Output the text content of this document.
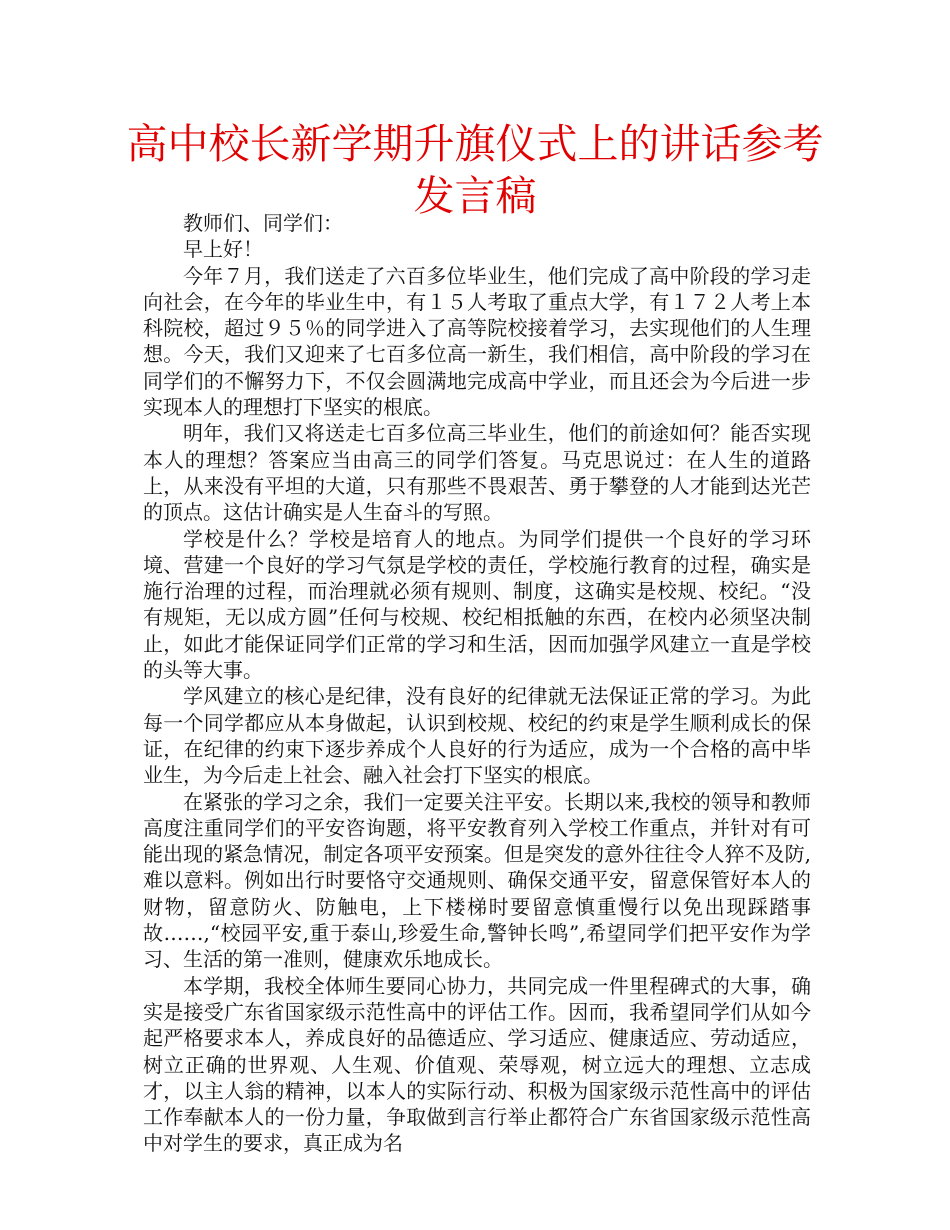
高中校长新学期升旗仪式上的讲话参考发言稿

教师们、同学们：

早上好！

今年７月，我们送走了六百多位毕业生，他们完成了高中阶段的学习走向社会，在今年的毕业生中，有１５人考取了重点大学，有１７２人考上本科院校，超过９５％的同学进入了高等院校接着学习，去实现他们的人生理想。今天，我们又迎来了七百多位高一新生，我们相信，高中阶段的学习在同学们的不懈努力下，不仅会圆满地完成高中学业，而且还会为今后进一步实现本人的理想打下坚实的根底。

明年，我们又将送走七百多位高三毕业生，他们的前途如何？能否实现本人的理想？答案应当由高三的同学们答复。马克思说过：在人生的道路上，从来没有平坦的大道，只有那些不畏艰苦、勇于攀登的人才能到达光芒的顶点。这估计确实是人生奋斗的写照。

学校是什么？学校是培育人的地点。为同学们提供一个良好的学习环境、营建一个良好的学习气氛是学校的责任，学校施行教育的过程，确实是施行治理的过程，而治理就必须有规则、制度，这确实是校规、校纪。“没有规矩，无以成方圆”任何与校规、校纪相抵触的东西，在校内必须坚决制止，如此才能保证同学们正常的学习和生活，因而加强学风建立一直是学校的头等大事。

学风建立的核心是纪律，没有良好的纪律就无法保证正常的学习。为此每一个同学都应从本身做起，认识到校规、校纪的约束是学生顺利成长的保证，在纪律的约束下逐步养成个人良好的行为适应，成为一个合格的高中毕业生，为今后走上社会、融入社会打下坚实的根底。

在紧张的学习之余，我们一定要关注平安。长期以来,我校的领导和教师高度注重同学们的平安咨询题，将平安教育列入学校工作重点，并针对有可能出现的紧急情况，制定各项平安预案。但是突发的意外往往令人猝不及防,难以意料。例如出行时要恪守交通规则、确保交通平安，留意保管好本人的财物，留意防火、防触电，上下楼梯时要留意慎重慢行以免出现踩踏事故……,“校园平安,重于泰山,珍爱生命,警钟长鸣”,希望同学们把平安作为学习、生活的第一准则，健康欢乐地成长。

本学期，我校全体师生要同心协力，共同完成一件里程碑式的大事，确实是接受广东省国家级示范性高中的评估工作。因而，我希望同学们从如今起严格要求本人，养成良好的品德适应、学习适应、健康适应、劳动适应，树立正确的世界观、人生观、价值观、荣辱观，树立远大的理想、立志成才，以主人翁的精神，以本人的实际行动、积极为国家级示范性高中的评估工作奉献本人的一份力量，争取做到言行举止都符合广东省国家级示范性高中对学生的要求，真正成为名
